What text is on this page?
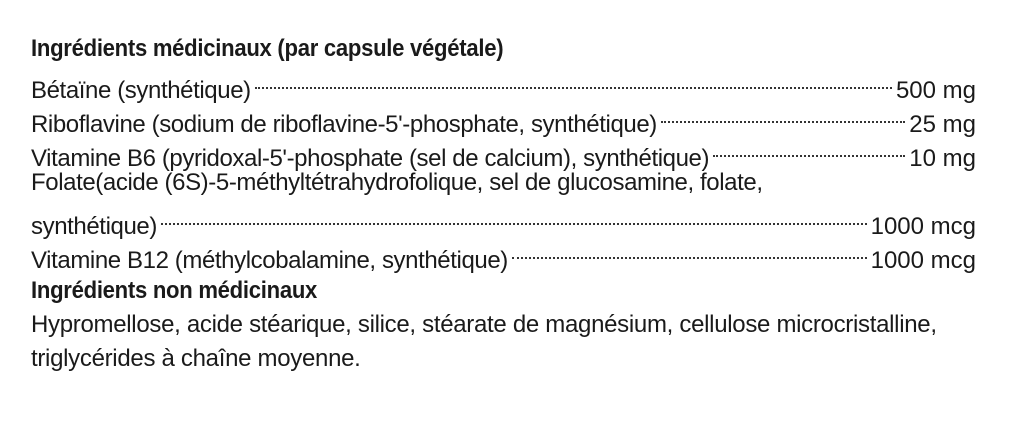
Ingrédients médicinaux (par capsule végétale)
Bétaïne (synthétique)	500 mg
Riboflavine (sodium de riboflavine-5'-phosphate, synthétique)	25 mg
Vitamine B6 (pyridoxal-5'-phosphate (sel de calcium), synthétique)	10 mg
Folate(acide (6S)-5-méthyltétrahydrofolique, sel de glucosamine, folate,
synthétique)	1000 mcg
Vitamine B12 (méthylcobalamine, synthétique)	1000 mcg
Ingrédients non médicinaux
Hypromellose, acide stéarique, silice, stéarate de magnésium, cellulose microcristalline, triglycérides à chaîne moyenne.
